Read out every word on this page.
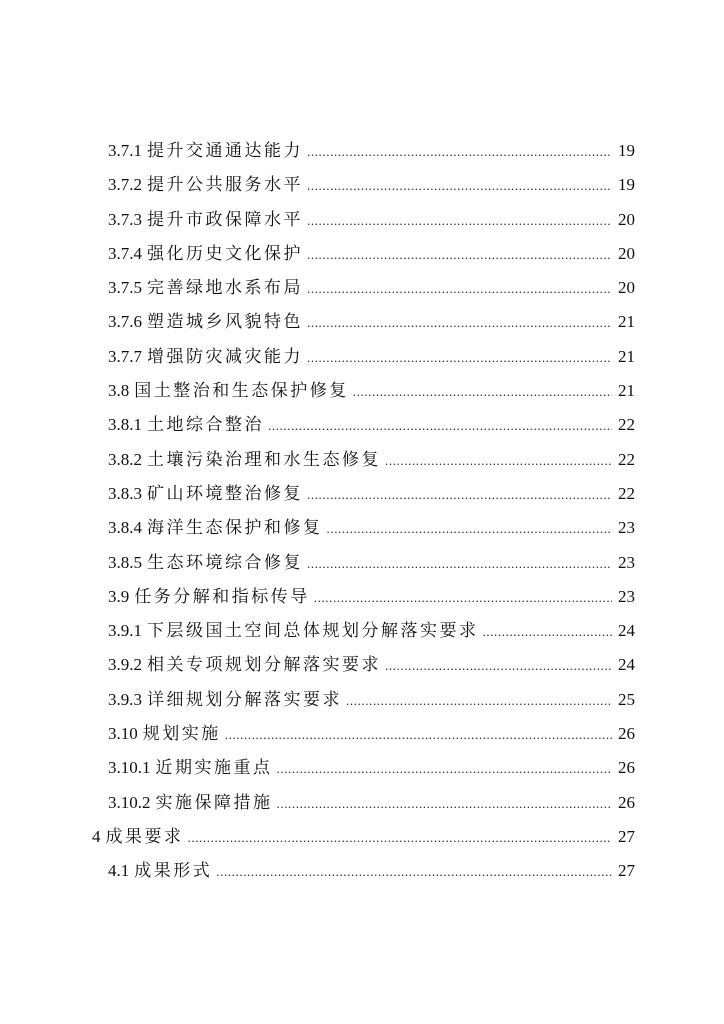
3.7.1 提升交通通达能力 .....	19
3.7.2 提升公共服务水平 .....	19
3.7.3 提升市政保障水平 .....	20
3.7.4 强化历史文化保护 .....	20
3.7.5 完善绿地水系布局 .....	20
3.7.6 塑造城乡风貌特色 .....	21
3.7.7 增强防灾减灾能力 .....	21
3.8 国土整治和生态保护修复 .....	21
3.8.1 土地综合整治 .....	22
3.8.2 土壤污染治理和水生态修复 .....	22
3.8.3 矿山环境整治修复 .....	22
3.8.4 海洋生态保护和修复 .....	23
3.8.5 生态环境综合修复 .....	23
3.9 任务分解和指标传导 .....	23
3.9.1 下层级国土空间总体规划分解落实要求 .....	24
3.9.2 相关专项规划分解落实要求 .....	24
3.9.3 详细规划分解落实要求 .....	25
3.10 规划实施 .....	26
3.10.1 近期实施重点 .....	26
3.10.2 实施保障措施 .....	26
4 成果要求 .....	27
4.1 成果形式 .....	27
